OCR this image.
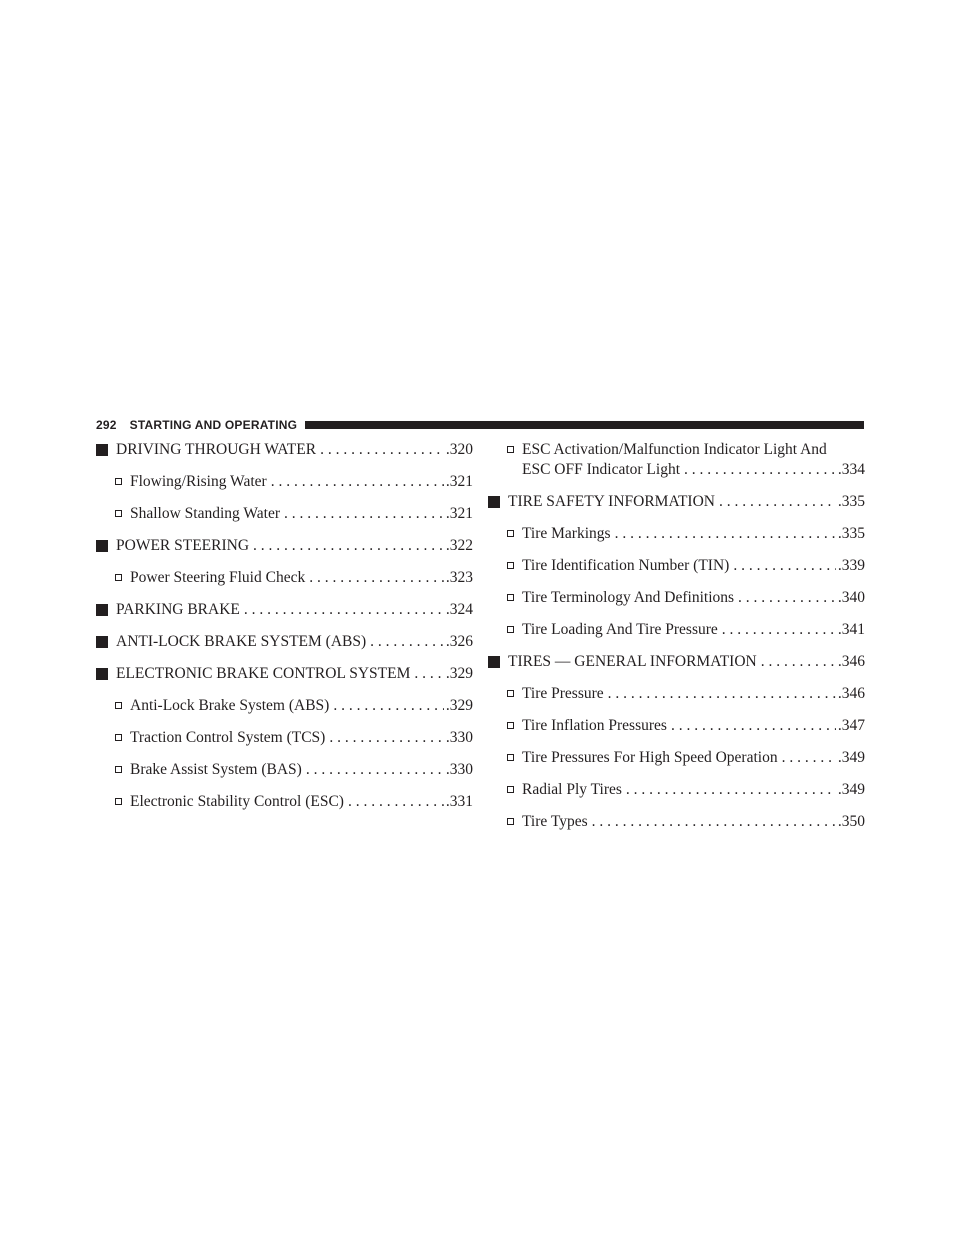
292	STARTING AND OPERATING
DRIVING THROUGH WATER . . .	.320
Flowing/Rising Water . . .	.321
Shallow Standing Water . . .	.321
POWER STEERING . . .	.322
Power Steering Fluid Check . . .	.323
PARKING BRAKE . . .	.324
ANTI-LOCK BRAKE SYSTEM (ABS) . . .	.326
ELECTRONIC BRAKE CONTROL SYSTEM . . . .329
Anti-Lock Brake System (ABS) . . .	.329
Traction Control System (TCS) . . .	.330
Brake Assist System (BAS) . . .	.330
Electronic Stability Control (ESC) . . .	.331
ESC Activation/Malfunction Indicator Light And
ESC OFF Indicator Light . . .	.334
TIRE SAFETY INFORMATION . . .	.335
Tire Markings . . .	.335
Tire Identification Number (TIN) . . .	.339
Tire Terminology And Definitions . . .	.340
Tire Loading And Tire Pressure . . .	.341
TIRES — GENERAL INFORMATION . . .	.346
Tire Pressure . . .	.346
Tire Inflation Pressures . . .	.347
Tire Pressures For High Speed Operation . . .	.349
Radial Ply Tires . . .	.349
Tire Types . . .	.350
